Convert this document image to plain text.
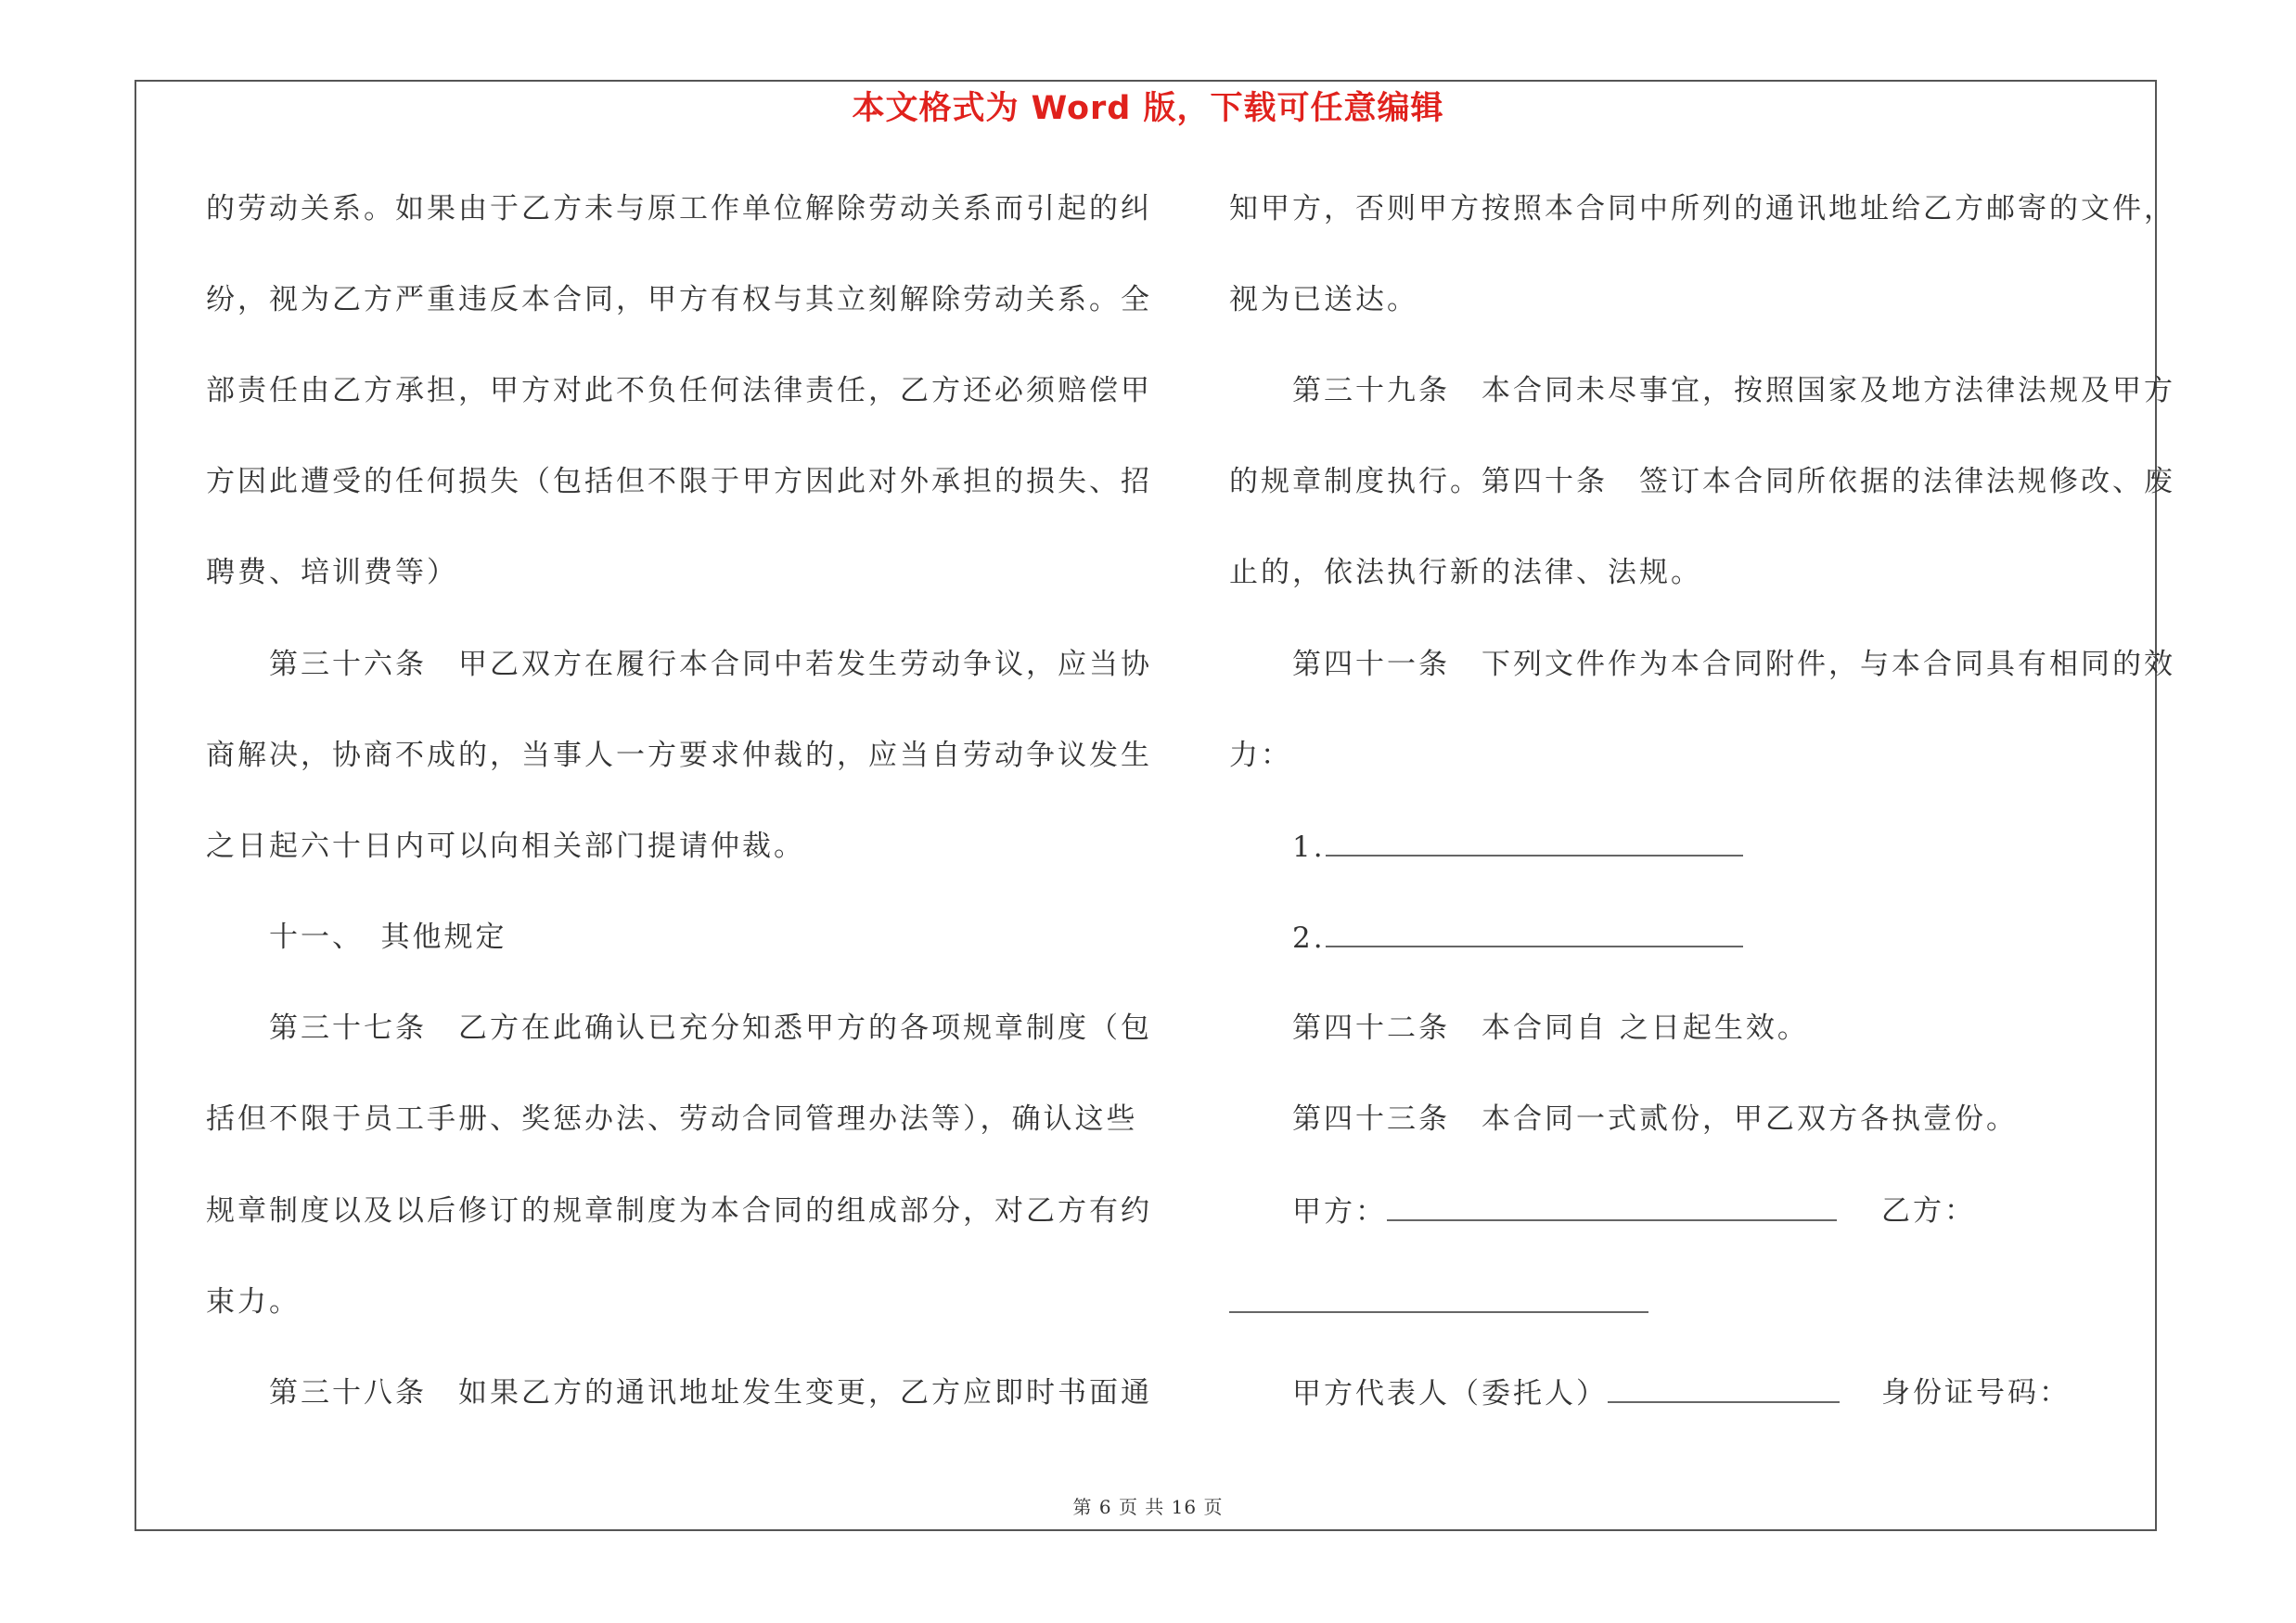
本文格式为 Word 版，下载可任意编辑
的劳动关系。如果由于乙方未与原工作单位解除劳动关系而引起的纠
纷，视为乙方严重违反本合同，甲方有权与其立刻解除劳动关系。全
部责任由乙方承担，甲方对此不负任何法律责任，乙方还必须赔偿甲
方因此遭受的任何损失（包括但不限于甲方因此对外承担的损失、招
聘费、培训费等）
第三十六条　甲乙双方在履行本合同中若发生劳动争议，应当协
商解决，协商不成的，当事人一方要求仲裁的，应当自劳动争议发生
之日起六十日内可以向相关部门提请仲裁。
十一、　其他规定
第三十七条　乙方在此确认已充分知悉甲方的各项规章制度（包
括但不限于员工手册、奖惩办法、劳动合同管理办法等），确认这些
规章制度以及以后修订的规章制度为本合同的组成部分，对乙方有约
束力。
第三十八条　如果乙方的通讯地址发生变更，乙方应即时书面通
知甲方，否则甲方按照本合同中所列的通讯地址给乙方邮寄的文件，
视为已送达。
第三十九条　本合同未尽事宜，按照国家及地方法律法规及甲方
的规章制度执行。第四十条　签订本合同所依据的法律法规修改、废
止的，依法执行新的法律、法规。
第四十一条　下列文件作为本合同附件，与本合同具有相同的效
力：
1.
2.
第四十二条　本合同自 之日起生效。
第四十三条　本合同一式贰份，甲乙双方各执壹份。
甲方：	乙方：
甲方代表人（委托人）	身份证号码：
第 6 页 共 16 页
